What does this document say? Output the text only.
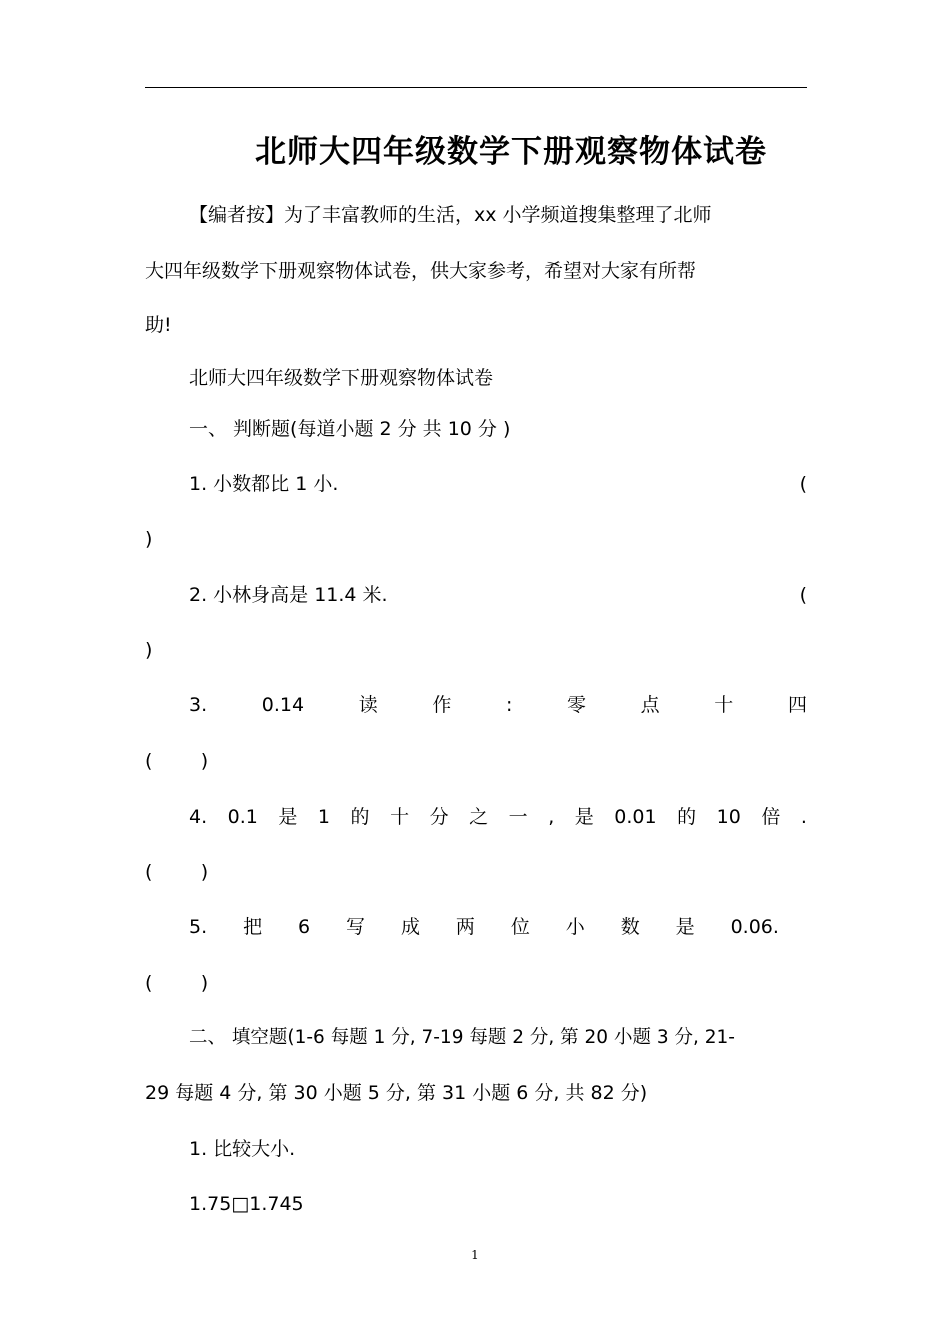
北师大四年级数学下册观察物体试卷
【编者按】为了丰富教师的生活，xx 小学频道搜集整理了北师
大四年级数学下册观察物体试卷，供大家参考，希望对大家有所帮
助!
北师大四年级数学下册观察物体试卷
一、 判断题(每道小题 2 分 共 10 分 )
1. 小数都比 1 小.	(
)
2. 小林身高是 11.4 米.	(
)
3.	0.14	读	作	:	零	点	十	四
(        )
4. 0.1 是 1 的 十 分 之 一 , 是 0.01 的 10 倍 .
(        )
5. 把 6 写 成 两 位 小 数 是 0.06.
(        )
二、 填空题(1-6 每题 1 分, 7-19 每题 2 分, 第 20 小题 3 分, 21-
29 每题 4 分, 第 30 小题 5 分, 第 31 小题 6 分, 共 82 分)
1. 比较大小.
1.75□1.745
1
